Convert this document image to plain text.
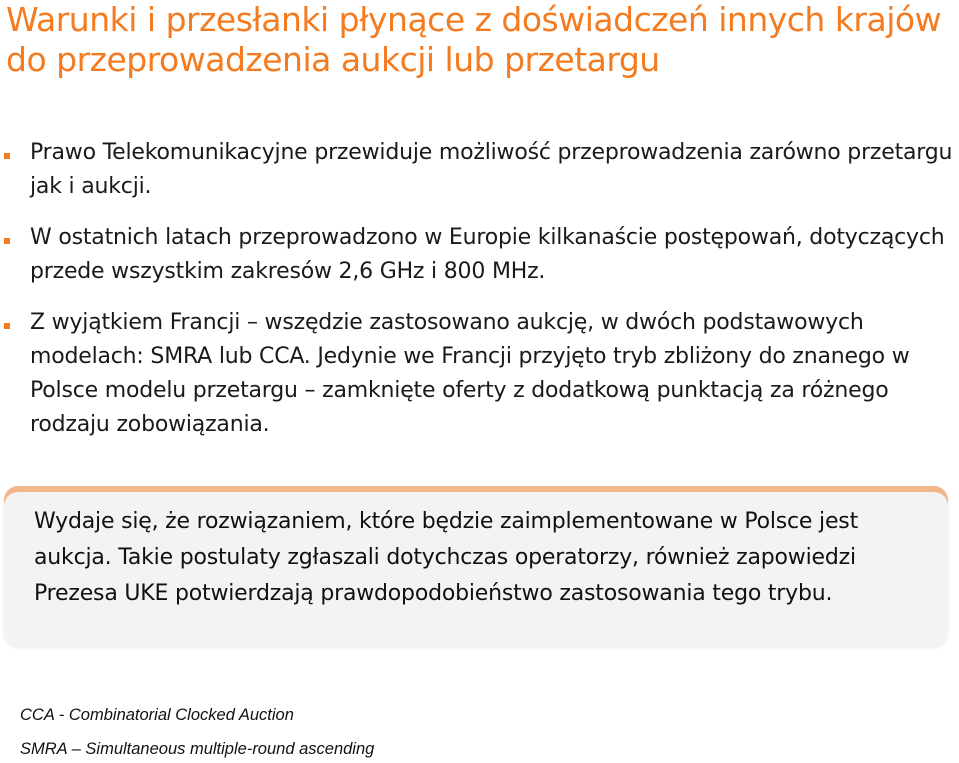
Warunki i przesłanki płynące z doświadczeń innych krajów do przeprowadzenia aukcji lub przetargu
Prawo Telekomunikacyjne przewiduje możliwość przeprowadzenia zarówno przetargu jak i aukcji.
W ostatnich latach przeprowadzono w Europie kilkanaście postępowań, dotyczących przede wszystkim zakresów 2,6 GHz i 800 MHz.
Z wyjątkiem Francji – wszędzie zastosowano aukcję, w dwóch podstawowych modelach: SMRA lub CCA. Jedynie we Francji przyjęto tryb zbliżony do znanego w Polsce modelu przetargu – zamknięte oferty z dodatkową punktacją za różnego rodzaju zobowiązania.
Wydaje się, że rozwiązaniem, które będzie zaimplementowane w Polsce jest aukcja. Takie postulaty zgłaszali dotychczas operatorzy, również zapowiedzi Prezesa UKE potwierdzają prawdopodobieństwo zastosowania tego trybu.
CCA - Combinatorial Clocked Auction
SMRA – Simultaneous multiple-round ascending
